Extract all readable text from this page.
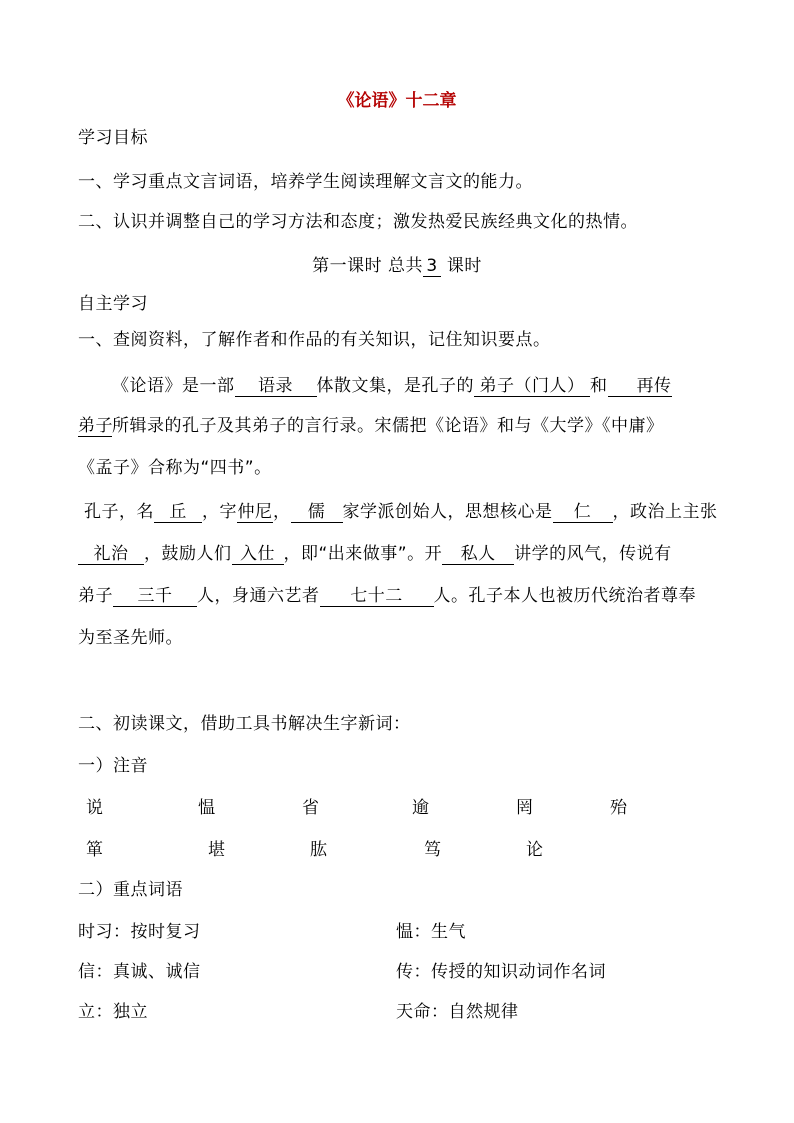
《论语》十二章
学习目标
一、学习重点文言词语，培养学生阅读理解文言文的能力。
二、认识并调整自己的学习方法和态度；激发热爱民族经典文化的热情。
第一课时 总共 3 课时
自主学习
一、查阅资料，了解作者和作品的有关知识，记住知识要点。
《论语》是一部 语录 体散文集，是孔子的 弟子（门人） 和 再传
弟子所辑录的孔子及其弟子的言行录。宋儒把《论语》和与《大学》《中庸》
《孟子》合称为“四书”。
孔子，名 丘 ，字仲尼， 儒 家学派创始人，思想核心是 仁 ，政治上主张
礼治 ，鼓励人们 入仕 ，即“出来做事”。开 私人 讲学的风气，传说有
弟子 三千 人，身通六艺者 七十二 人。孔子本人也被历代统治者尊奉
为至圣先师。
二、初读课文，借助工具书解决生字新词：
一）注音
说	愠	省	逾	罔	殆
箪	堪	肱	笃	论
二）重点词语
时习：按时复习	愠：生气
信：真诚、诚信	传：传授的知识动词作名词
立：独立	天命：自然规律
